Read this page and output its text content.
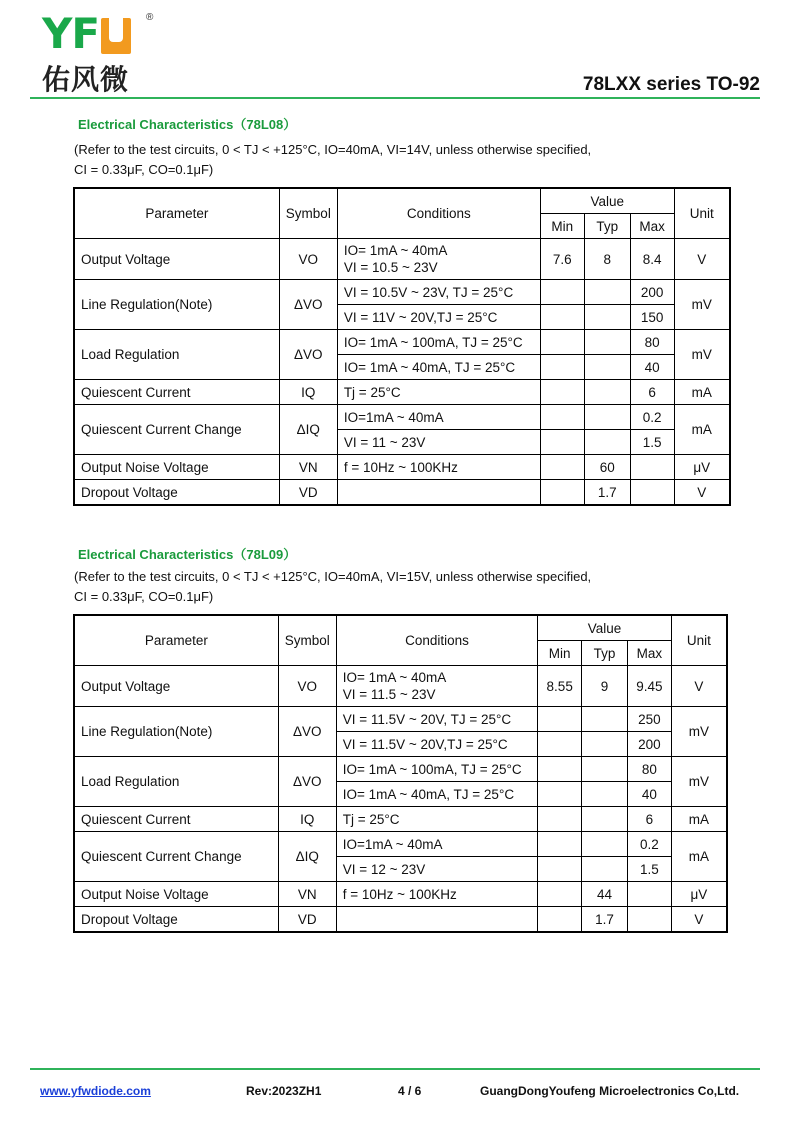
Y F	®
佑风微	78LXX series TO-92
Electrical Characteristics（78L08）
(Refer to the test circuits, 0 < TJ < +125°C, IO=40mA, VI=14V, unless otherwise specified,
CI = 0.33μF, CO=0.1μF)
Parameter	Symbol	Conditions	Value			Unit
			Min	Typ	Max	
Output Voltage	VO	IO= 1mA ~ 40mA
VI = 10.5 ~ 23V	7.6	8	8.4	V
Line Regulation(Note)	ΔVO	VI = 10.5V ~ 23V, TJ = 25°C			200	mV
		VI = 11V ~ 20V,TJ = 25°C			150	
Load Regulation	ΔVO	IO= 1mA ~ 100mA, TJ = 25°C			80	mV
		IO= 1mA ~ 40mA, TJ = 25°C			40	
Quiescent Current	IQ	Tj = 25°C			6	mA
Quiescent Current Change	ΔIQ	IO=1mA ~ 40mA			0.2	mA
		VI = 11 ~ 23V			1.5	
Output Noise Voltage	VN	f = 10Hz ~ 100KHz		60		μV
Dropout Voltage	VD			1.7		V
Electrical Characteristics（78L09）
(Refer to the test circuits, 0 < TJ < +125°C, IO=40mA, VI=15V, unless otherwise specified,
CI = 0.33μF, CO=0.1μF)
Parameter	Symbol	Conditions	Value			Unit
			Min	Typ	Max	
Output Voltage	VO	IO= 1mA ~ 40mA
VI = 11.5 ~ 23V	8.55	9	9.45	V
Line Regulation(Note)	ΔVO	VI = 11.5V ~ 20V, TJ = 25°C			250	mV
		VI = 11.5V ~ 20V,TJ = 25°C			200	
Load Regulation	ΔVO	IO= 1mA ~ 100mA, TJ = 25°C			80	mV
		IO= 1mA ~ 40mA, TJ = 25°C			40	
Quiescent Current	IQ	Tj = 25°C			6	mA
Quiescent Current Change	ΔIQ	IO=1mA ~ 40mA			0.2	mA
		VI = 12 ~ 23V			1.5	
Output Noise Voltage	VN	f = 10Hz ~ 100KHz		44		μV
Dropout Voltage	VD			1.7		V
www.yfwdiode.com	Rev:2023ZH1	4 / 6	GuangDongYoufeng Microelectronics Co,Ltd.
